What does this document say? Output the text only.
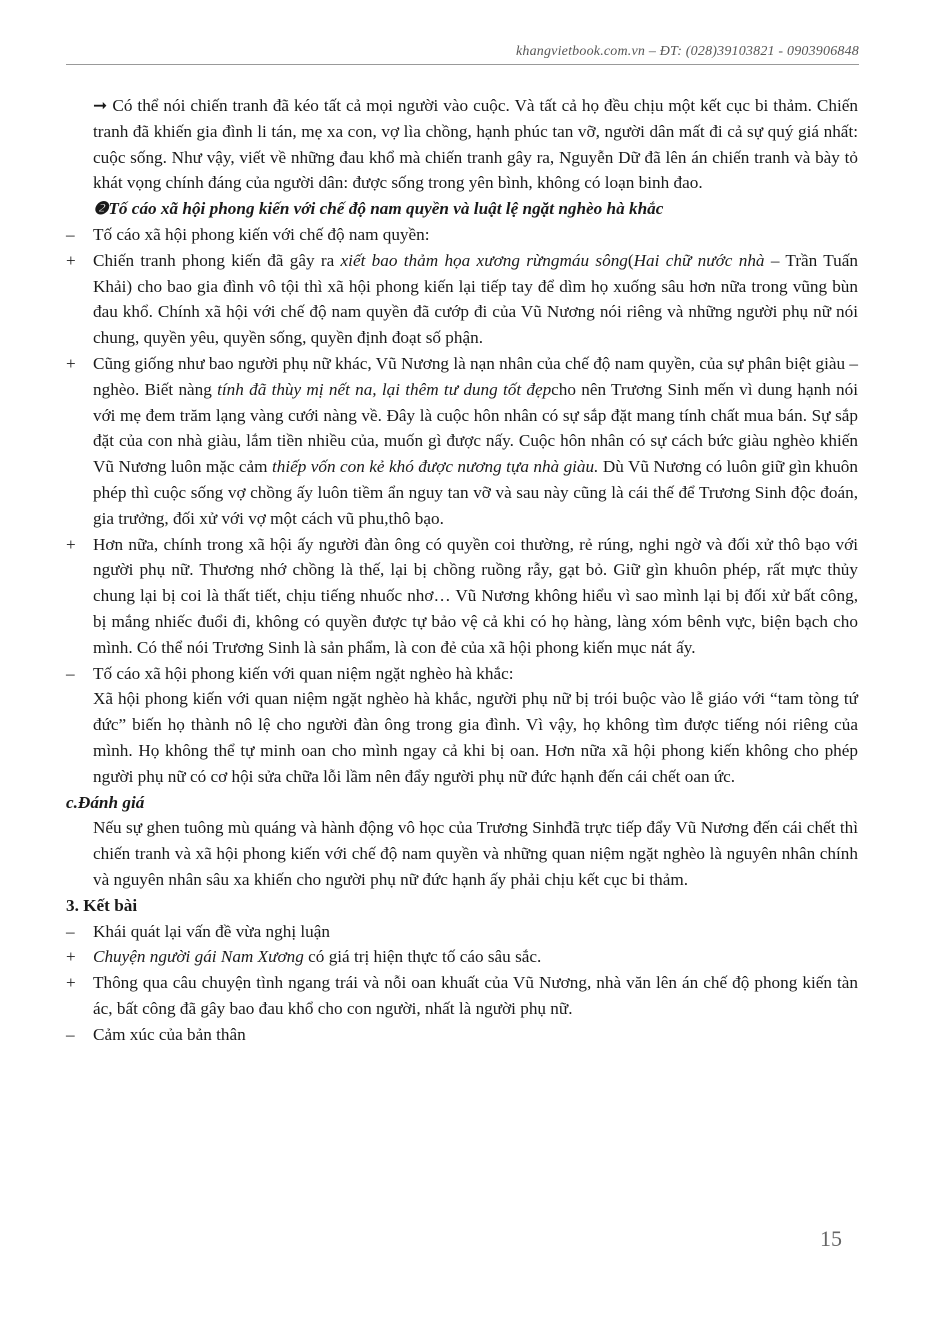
khangvietbook.com.vn – ĐT: (028)39103821 - 0903906848

➞ Có thể nói chiến tranh đã kéo tất cả mọi người vào cuộc. Và tất cả họ đều chịu một kết cục bi thảm. Chiến tranh đã khiến gia đình li tán, mẹ xa con, vợ lìa chồng, hạnh phúc tan vỡ, người dân mất đi cả sự quý giá nhất: cuộc sống. Như vậy, viết về những đau khổ mà chiến tranh gây ra, Nguyễn Dữ đã lên án chiến tranh và bày tỏ khát vọng chính đáng của người dân: được sống trong yên bình, không có loạn binh đao.

❷Tố cáo xã hội phong kiến với chế độ nam quyền và luật lệ ngặt nghèo hà khắc

–	Tố cáo xã hội phong kiến với chế độ nam quyền:
+	Chiến tranh phong kiến đã gây ra xiết bao thảm họa xương rừngmáu sông(Hai chữ nước nhà – Trần Tuấn Khải) cho bao gia đình vô tội thì xã hội phong kiến lại tiếp tay để dìm họ xuống sâu hơn nữa trong vũng bùn đau khổ. Chính xã hội với chế độ nam quyền đã cướp đi của Vũ Nương nói riêng và những người phụ nữ nói chung, quyền yêu, quyền sống, quyền định đoạt số phận.
+	Cũng giống như bao người phụ nữ khác, Vũ Nương là nạn nhân của chế độ nam quyền, của sự phân biệt giàu – nghèo. Biết nàng tính đã thùy mị nết na, lại thêm tư dung tốt đẹpcho nên Trương Sinh mến vì dung hạnh nói với mẹ đem trăm lạng vàng cưới nàng về. Đây là cuộc hôn nhân có sự sắp đặt mang tính chất mua bán. Sự sắp đặt của con nhà giàu, lắm tiền nhiều của, muốn gì được nấy. Cuộc hôn nhân có sự cách bức giàu nghèo khiến Vũ Nương luôn mặc cảm thiếp vốn con kẻ khó được nương tựa nhà giàu. Dù Vũ Nương có luôn giữ gìn khuôn phép thì cuộc sống vợ chồng ấy luôn tiềm ẩn nguy tan vỡ và sau này cũng là cái thế để Trương Sinh độc đoán, gia trưởng, đối xử với vợ một cách vũ phu,thô bạo.
+	Hơn nữa, chính trong xã hội ấy người đàn ông có quyền coi thường, rẻ rúng, nghi ngờ và đối xử thô bạo với người phụ nữ. Thương nhớ chồng là thế, lại bị chồng ruồng rẫy, gạt bỏ. Giữ gìn khuôn phép, rất mực thủy chung lại bị coi là thất tiết, chịu tiếng nhuốc nhơ… Vũ Nương không hiểu vì sao mình lại bị đối xử bất công, bị mắng nhiếc đuổi đi, không có quyền được tự bảo vệ cả khi có họ hàng, làng xóm bênh vực, biện bạch cho mình. Có thể nói Trương Sinh là sản phẩm, là con đẻ của xã hội phong kiến mục nát ấy.
–	Tố cáo xã hội phong kiến với quan niệm ngặt nghèo hà khắc:

Xã hội phong kiến với quan niệm ngặt nghèo hà khắc, người phụ nữ bị trói buộc vào lễ giáo với “tam tòng tứ đức” biến họ thành nô lệ cho người đàn ông trong gia đình. Vì vậy, họ không tìm được tiếng nói riêng của mình. Họ không thể tự minh oan cho mình ngay cả khi bị oan. Hơn nữa xã hội phong kiến không cho phép người phụ nữ có cơ hội sửa chữa lỗi lầm nên đẩy người phụ nữ đức hạnh đến cái chết oan ức.

c.Đánh giá

Nếu sự ghen tuông mù quáng và hành động vô học của Trương Sinhđã trực tiếp đẩy Vũ Nương đến cái chết thì chiến tranh và xã hội phong kiến với chế độ nam quyền và những quan niệm ngặt nghèo là nguyên nhân chính và nguyên nhân sâu xa khiến cho người phụ nữ đức hạnh ấy phải chịu kết cục bi thảm.

3. Kết bài

–	Khái quát lại vấn đề vừa nghị luận
+	Chuyện người gái Nam Xương có giá trị hiện thực tố cáo sâu sắc.
+	Thông qua câu chuyện tình ngang trái và nỗi oan khuất của Vũ Nương, nhà văn lên án chế độ phong kiến tàn ác, bất công đã gây bao đau khổ cho con người, nhất là người phụ nữ.
–	Cảm xúc của bản thân
15
